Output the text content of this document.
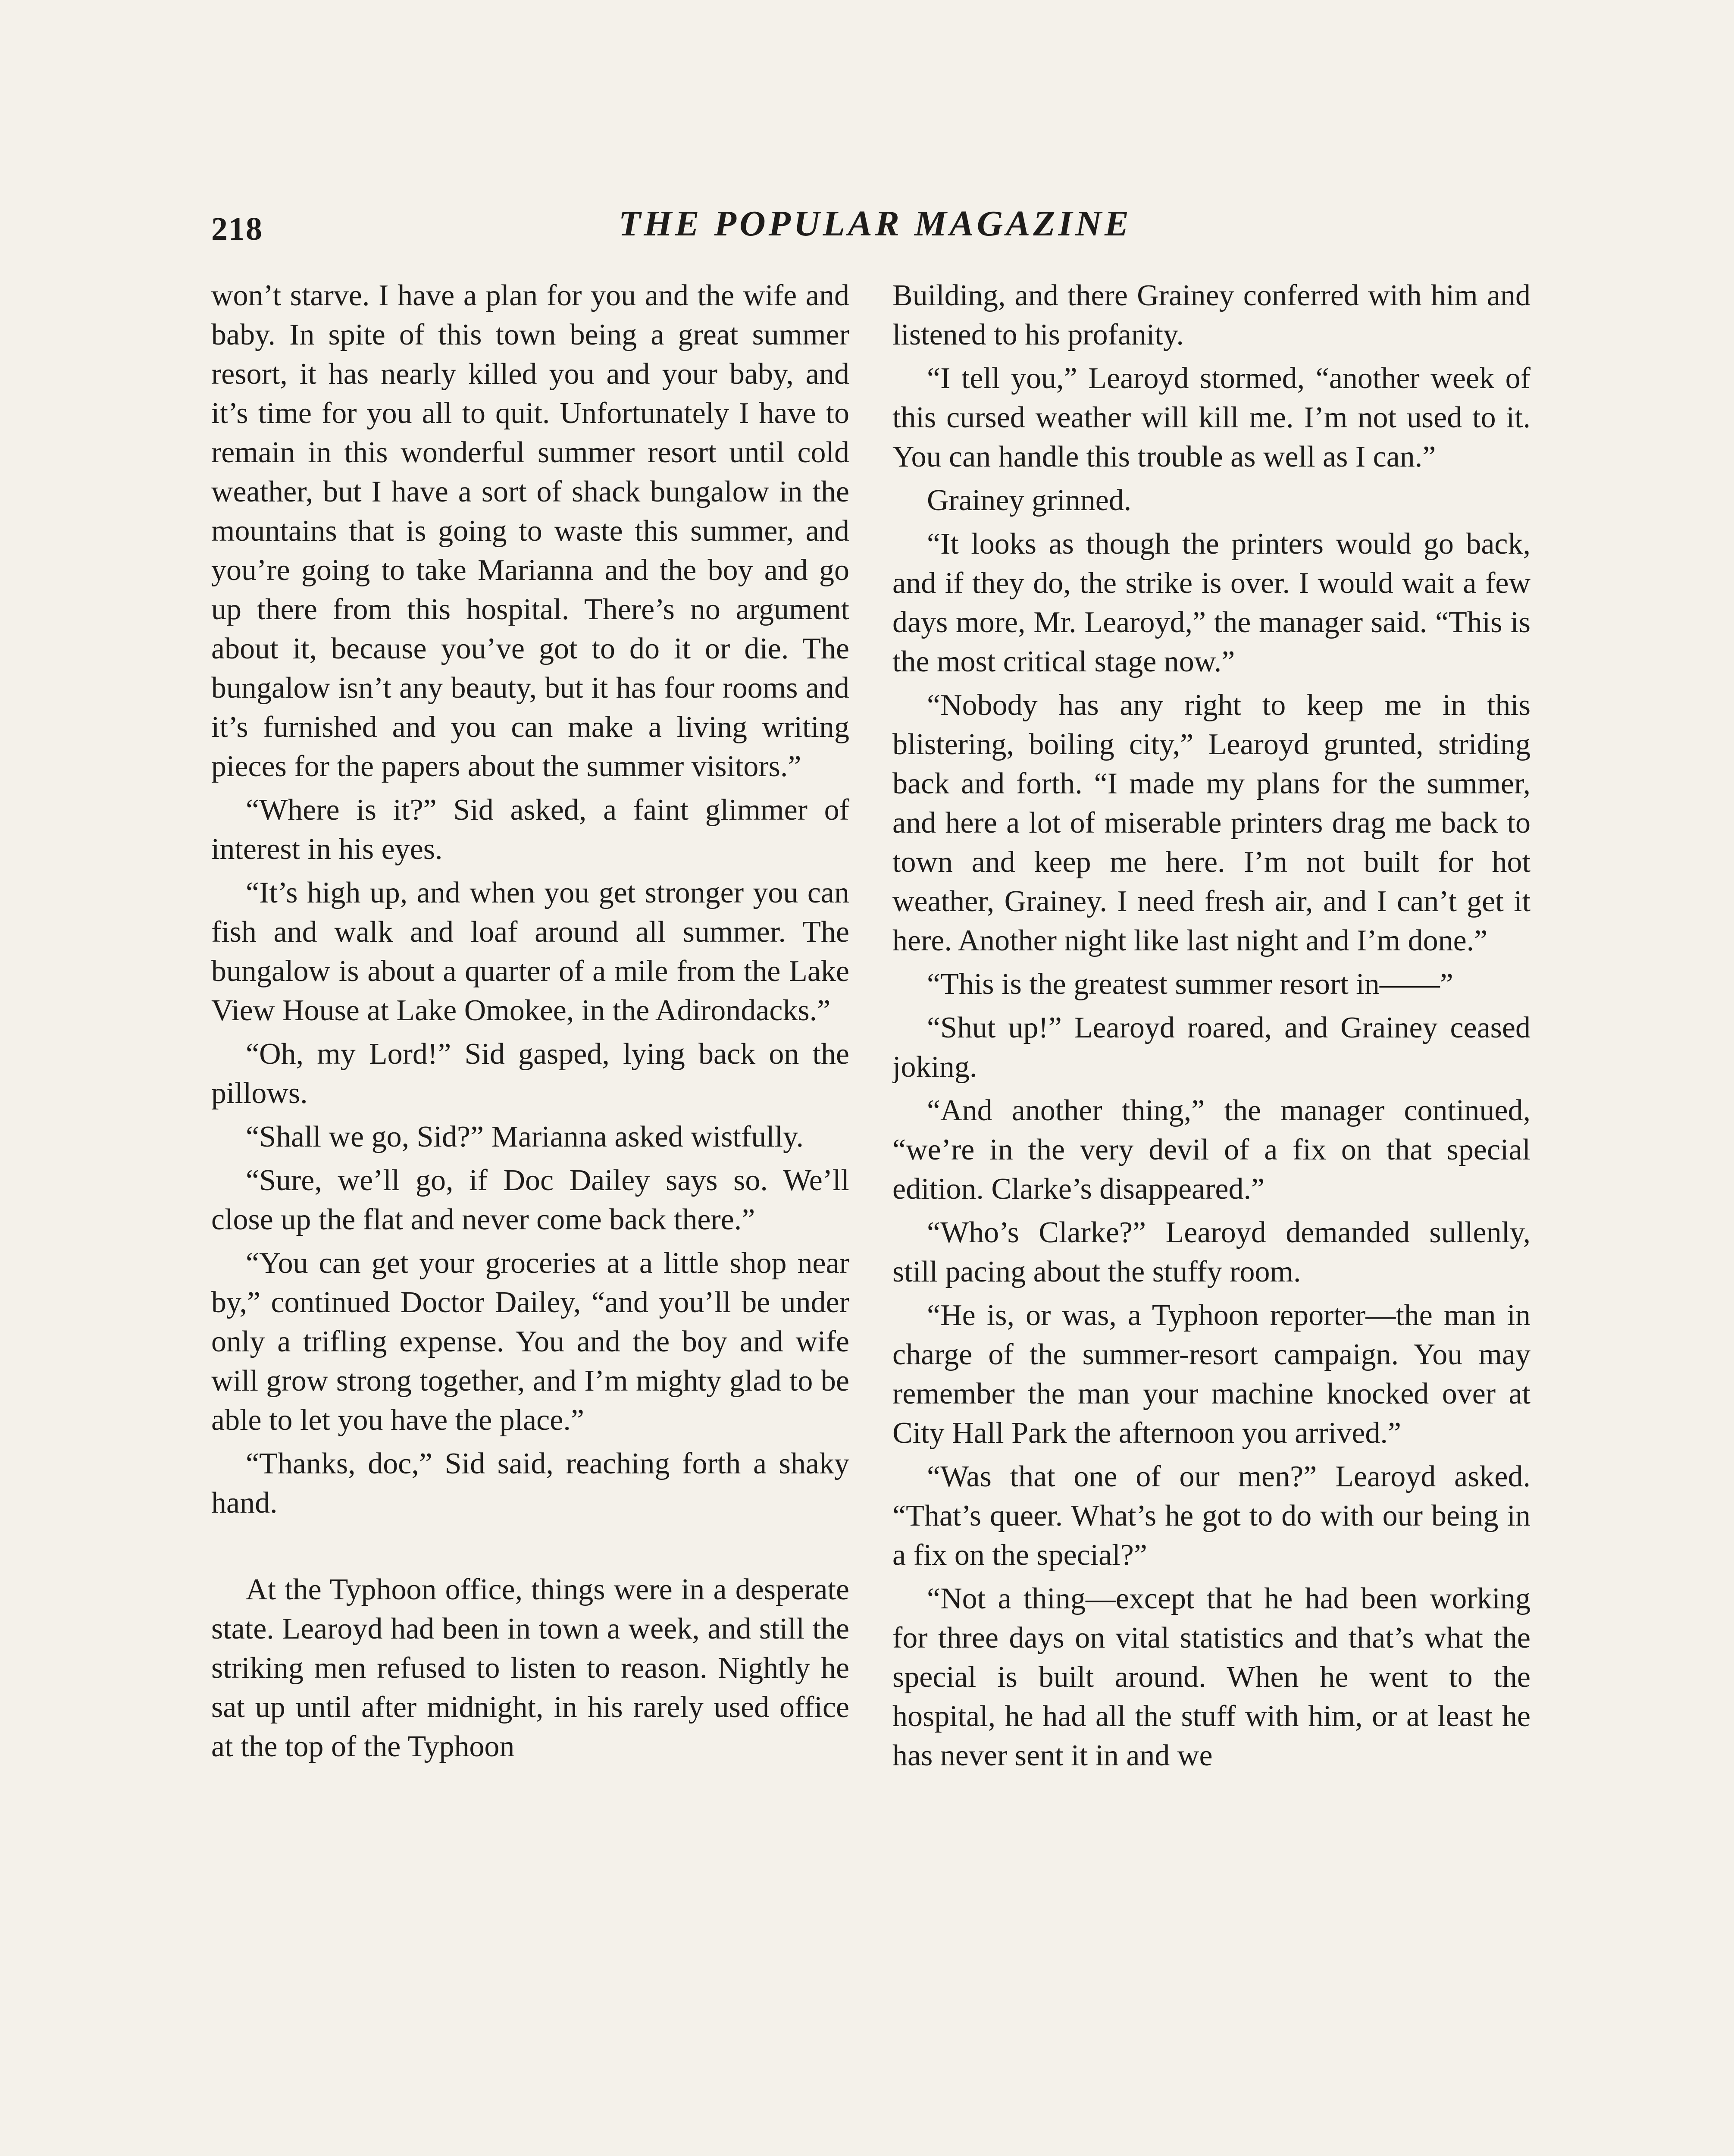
218	THE POPULAR MAGAZINE

won’t starve. I have a plan for you and the wife and baby. In spite of this town being a great summer resort, it has nearly killed you and your baby, and it’s time for you all to quit. Unfortunately I have to remain in this wonderful summer resort until cold weather, but I have a sort of shack bungalow in the mountains that is going to waste this summer, and you’re going to take Marianna and the boy and go up there from this hospital. There’s no argument about it, because you’ve got to do it or die. The bungalow isn’t any beauty, but it has four rooms and it’s furnished and you can make a living writing pieces for the papers about the summer visitors.”

“Where is it?” Sid asked, a faint glimmer of interest in his eyes.

“It’s high up, and when you get stronger you can fish and walk and loaf around all summer. The bungalow is about a quarter of a mile from the Lake View House at Lake Omokee, in the Adirondacks.”

“Oh, my Lord!” Sid gasped, lying back on the pillows.

“Shall we go, Sid?” Marianna asked wistfully.

“Sure, we’ll go, if Doc Dailey says so. We’ll close up the flat and never come back there.”

“You can get your groceries at a little shop near by,” continued Doctor Dailey, “and you’ll be under only a trifling expense. You and the boy and wife will grow strong together, and I’m mighty glad to be able to let you have the place.”

“Thanks, doc,” Sid said, reaching forth a shaky hand.

At the Typhoon office, things were in a desperate state. Learoyd had been in town a week, and still the striking men refused to listen to reason. Nightly he sat up until after midnight, in his rarely used office at the top of the Typhoon

Building, and there Grainey conferred with him and listened to his profanity.

“I tell you,” Learoyd stormed, “another week of this cursed weather will kill me. I’m not used to it. You can handle this trouble as well as I can.”

Grainey grinned.

“It looks as though the printers would go back, and if they do, the strike is over. I would wait a few days more, Mr. Learoyd,” the manager said. “This is the most critical stage now.”

“Nobody has any right to keep me in this blistering, boiling city,” Learoyd grunted, striding back and forth. “I made my plans for the summer, and here a lot of miserable printers drag me back to town and keep me here. I’m not built for hot weather, Grainey. I need fresh air, and I can’t get it here. Another night like last night and I’m done.”

“This is the greatest summer resort in——”

“Shut up!” Learoyd roared, and Grainey ceased joking.

“And another thing,” the manager continued, “we’re in the very devil of a fix on that special edition. Clarke’s disappeared.”

“Who’s Clarke?” Learoyd demanded sullenly, still pacing about the stuffy room.

“He is, or was, a Typhoon reporter—the man in charge of the summer-resort campaign. You may remember the man your machine knocked over at City Hall Park the afternoon you arrived.”

“Was that one of our men?” Learoyd asked. “That’s queer. What’s he got to do with our being in a fix on the special?”

“Not a thing—except that he had been working for three days on vital statistics and that’s what the special is built around. When he went to the hospital, he had all the stuff with him, or at least he has never sent it in and we
